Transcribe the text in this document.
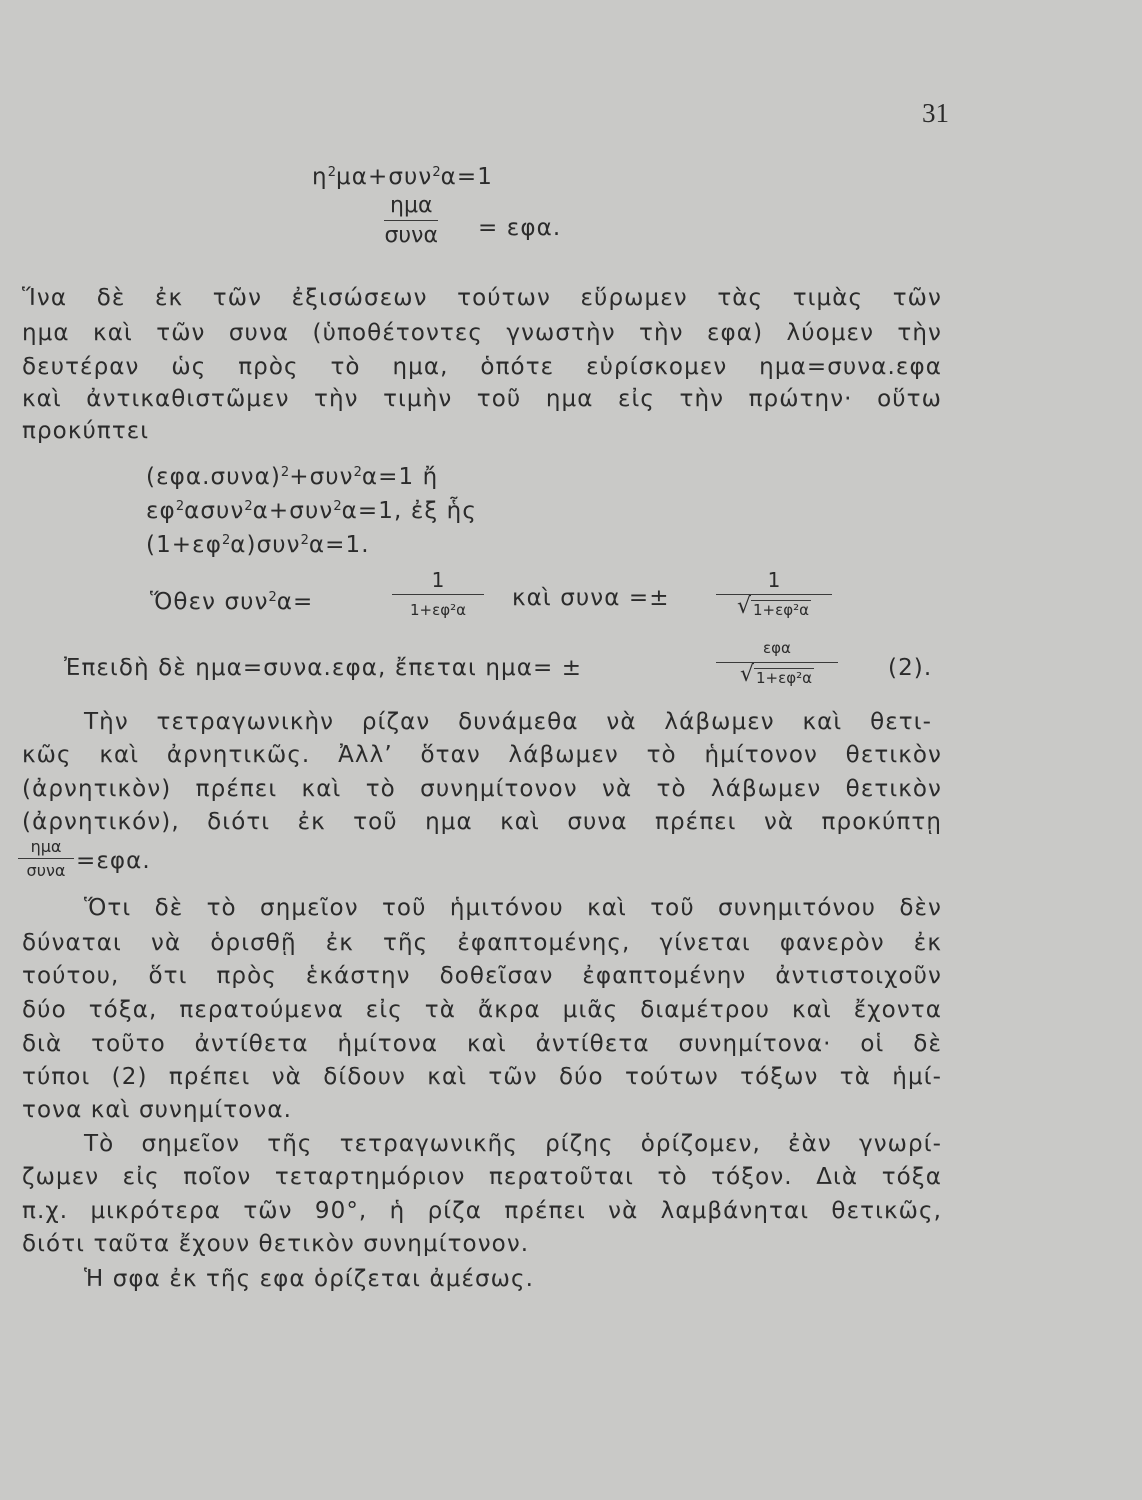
31
$\eta^2\mu\alpha+\sigma\upsilon\nu^2\alpha=1$
ημα
συνα = εφα.
Ἵνα δὲ ἐκ τῶν ἐξισώσεων τούτων εὕρωμεν τὰς τιμὰς τῶν
ημα καὶ τῶν συνα (ὑποθέτοντες γνωστὴν τὴν εφα) λύομεν τὴν
δευτέραν ὡς πρὸς τὸ ημα, ὁπότε εὑρίσκομεν ημα=συνα.εφα
καὶ ἀντικαθιστῶμεν τὴν τιμὴν τοῦ ημα εἰς τὴν πρώτην· οὕτω
προκύπτει
$(\varepsilon\varphi\alpha.\sigma\upsilon\nu\alpha)^2+\sigma\upsilon\nu^2\alpha=1$ ἤ
$\varepsilon\varphi^2\alpha\sigma\upsilon\nu^2\alpha+\sigma\upsilon\nu^2\alpha=1$, ἐξ ἧς
$(1+\varepsilon\varphi^2\alpha)\sigma\upsilon\nu^2\alpha=1$.
Ὅθεν συν$^2$α=
1
1+εφ²α	καὶ συνα =±
1
√ 1+εφ²α
Ἐπειδὴ δὲ ημα=συνα.εφα, ἔπεται ημα= ±
εφα
√ 1+εφ²α	(2).
Τὴν τετραγωνικὴν ρίζαν δυνάμεθα νὰ λάβωμεν καὶ θετι-
κῶς καὶ ἀρνητικῶς. Ἀλλ’ ὅταν λάβωμεν τὸ ἡμίτονον θετικὸν
(ἀρνητικὸν) πρέπει καὶ τὸ συνημίτονον νὰ τὸ λάβωμεν θετικὸν
(ἀρνητικόν), διότι ἐκ τοῦ ημα καὶ συνα πρέπει νὰ προκύπτῃ
ημα
συνα =εφα.
Ὅτι δὲ τὸ σημεῖον τοῦ ἡμιτόνου καὶ τοῦ συνημιτόνου δὲν
δύναται νὰ ὁρισθῇ ἐκ τῆς ἐφαπτομένης, γίνεται φανερὸν ἐκ
τούτου, ὅτι πρὸς ἑκάστην δοθεῖσαν ἐφαπτομένην ἀντιστοιχοῦν
δύο τόξα, περατούμενα εἰς τὰ ἄκρα μιᾶς διαμέτρου καὶ ἔχοντα
διὰ τοῦτο ἀντίθετα ἡμίτονα καὶ ἀντίθετα συνημίτονα· οἱ δὲ
τύποι (2) πρέπει νὰ δίδουν καὶ τῶν δύο τούτων τόξων τὰ ἡμί-
τονα καὶ συνημίτονα.
Τὸ σημεῖον τῆς τετραγωνικῆς ρίζης ὁρίζομεν, ἐὰν γνωρί-
ζωμεν εἰς ποῖον τεταρτημόριον περατοῦται τὸ τόξον. Διὰ τόξα
π.χ. μικρότερα τῶν 90°, ἡ ρίζα πρέπει νὰ λαμβάνηται θετικῶς,
διότι ταῦτα ἔχουν θετικὸν συνημίτονον.
Ἡ σφα ἐκ τῆς εφα ὁρίζεται ἀμέσως.
